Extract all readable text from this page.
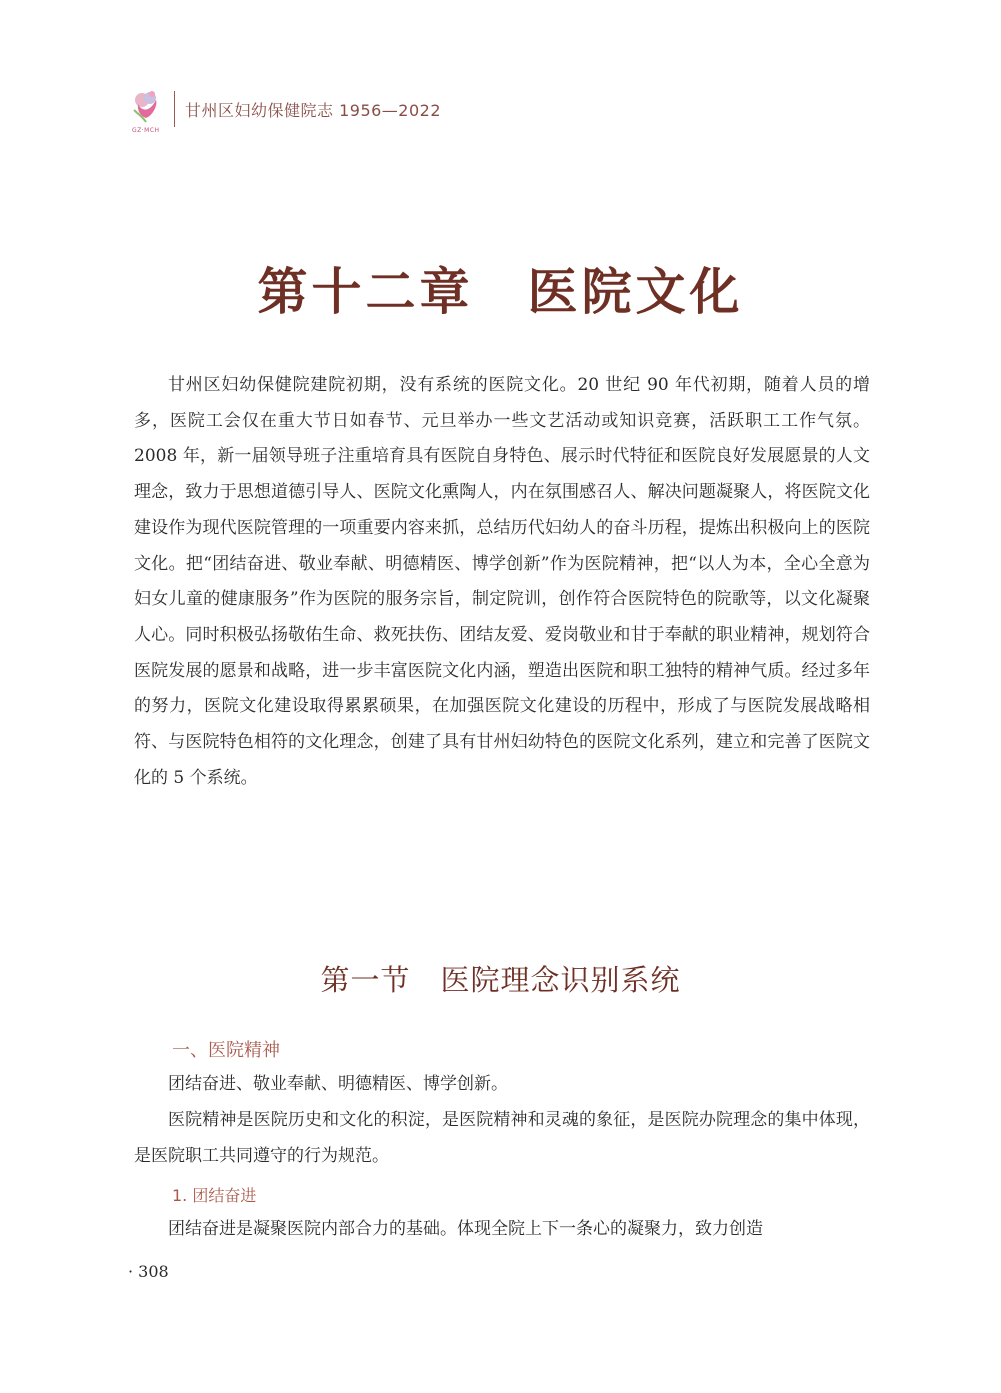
GZ·MCH
甘州区妇幼保健院志 1956—2022
第十二章　医院文化

甘州区妇幼保健院建院初期，没有系统的医院文化。20 世纪 90 年代初期，随着人员的增多，医院工会仅在重大节日如春节、元旦举办一些文艺活动或知识竞赛，活跃职工工作气氛。2008 年，新一届领导班子注重培育具有医院自身特色、展示时代特征和医院良好发展愿景的人文理念，致力于思想道德引导人、医院文化熏陶人，内在氛围感召人、解决问题凝聚人，将医院文化建设作为现代医院管理的一项重要内容来抓，总结历代妇幼人的奋斗历程，提炼出积极向上的医院文化。把“团结奋进、敬业奉献、明德精医、博学创新”作为医院精神，把“以人为本，全心全意为妇女儿童的健康服务”作为医院的服务宗旨，制定院训，创作符合医院特色的院歌等，以文化凝聚人心。同时积极弘扬敬佑生命、救死扶伤、团结友爱、爱岗敬业和甘于奉献的职业精神，规划符合医院发展的愿景和战略，进一步丰富医院文化内涵，塑造出医院和职工独特的精神气质。经过多年的努力，医院文化建设取得累累硕果，在加强医院文化建设的历程中，形成了与医院发展战略相符、与医院特色相符的文化理念，创建了具有甘州妇幼特色的医院文化系列，建立和完善了医院文化的 5 个系统。

第一节　医院理念识别系统
一、医院精神

团结奋进、敬业奉献、明德精医、博学创新。

医院精神是医院历史和文化的积淀，是医院精神和灵魂的象征，是医院办院理念的集中体现，是医院职工共同遵守的行为规范。

1. 团结奋进

团结奋进是凝聚医院内部合力的基础。体现全院上下一条心的凝聚力，致力创造

· 308
